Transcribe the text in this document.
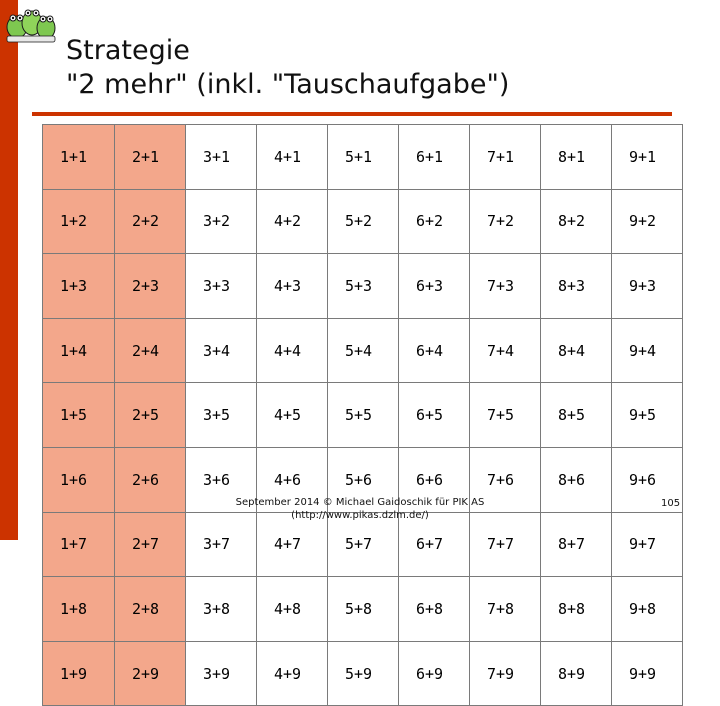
Strategie
"2 mehr" (inkl. "Tauschaufgabe")
1+1	2+1	3+1	4+1	5+1	6+1	7+1	8+1	9+1
1+2	2+2	3+2	4+2	5+2	6+2	7+2	8+2	9+2
1+3	2+3	3+3	4+3	5+3	6+3	7+3	8+3	9+3
1+4	2+4	3+4	4+4	5+4	6+4	7+4	8+4	9+4
1+5	2+5	3+5	4+5	5+5	6+5	7+5	8+5	9+5
1+6	2+6	3+6	4+6	5+6	6+6	7+6	8+6	9+6
1+7	2+7	3+7	4+7	5+7	6+7	7+7	8+7	9+7
1+8	2+8	3+8	4+8	5+8	6+8	7+8	8+8	9+8
1+9	2+9	3+9	4+9	5+9	6+9	7+9	8+9	9+9
September 2014 © Michael Gaidoschik für PIK AS
(http://www.pikas.dzlm.de/)
105
